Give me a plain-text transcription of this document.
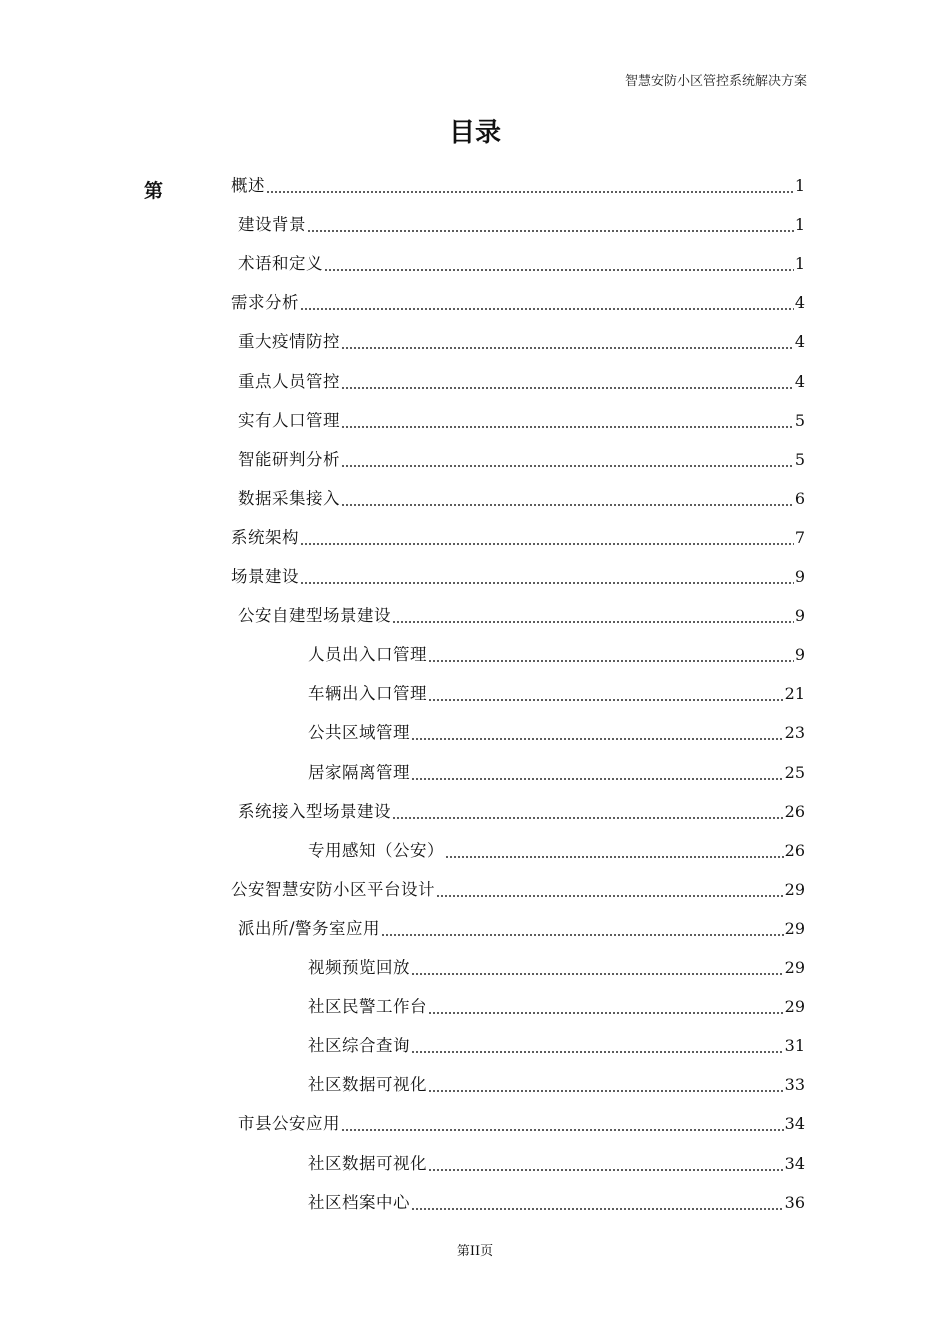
智慧安防小区管控系统解决方案
目录
第	概述	1
建设背景	1
术语和定义	1
需求分析	4
重大疫情防控	4
重点人员管控	4
实有人口管理	5
智能研判分析	5
数据采集接入	6
系统架构	7
场景建设	9
公安自建型场景建设	9
人员出入口管理	9
车辆出入口管理	21
公共区域管理	23
居家隔离管理	25
系统接入型场景建设	26
专用感知（公安）	26
公安智慧安防小区平台设计	29
派出所/警务室应用	29
视频预览回放	29
社区民警工作台	29
社区综合查询	31
社区数据可视化	33
市县公安应用	34
社区数据可视化	34
社区档案中心	36
第II页
